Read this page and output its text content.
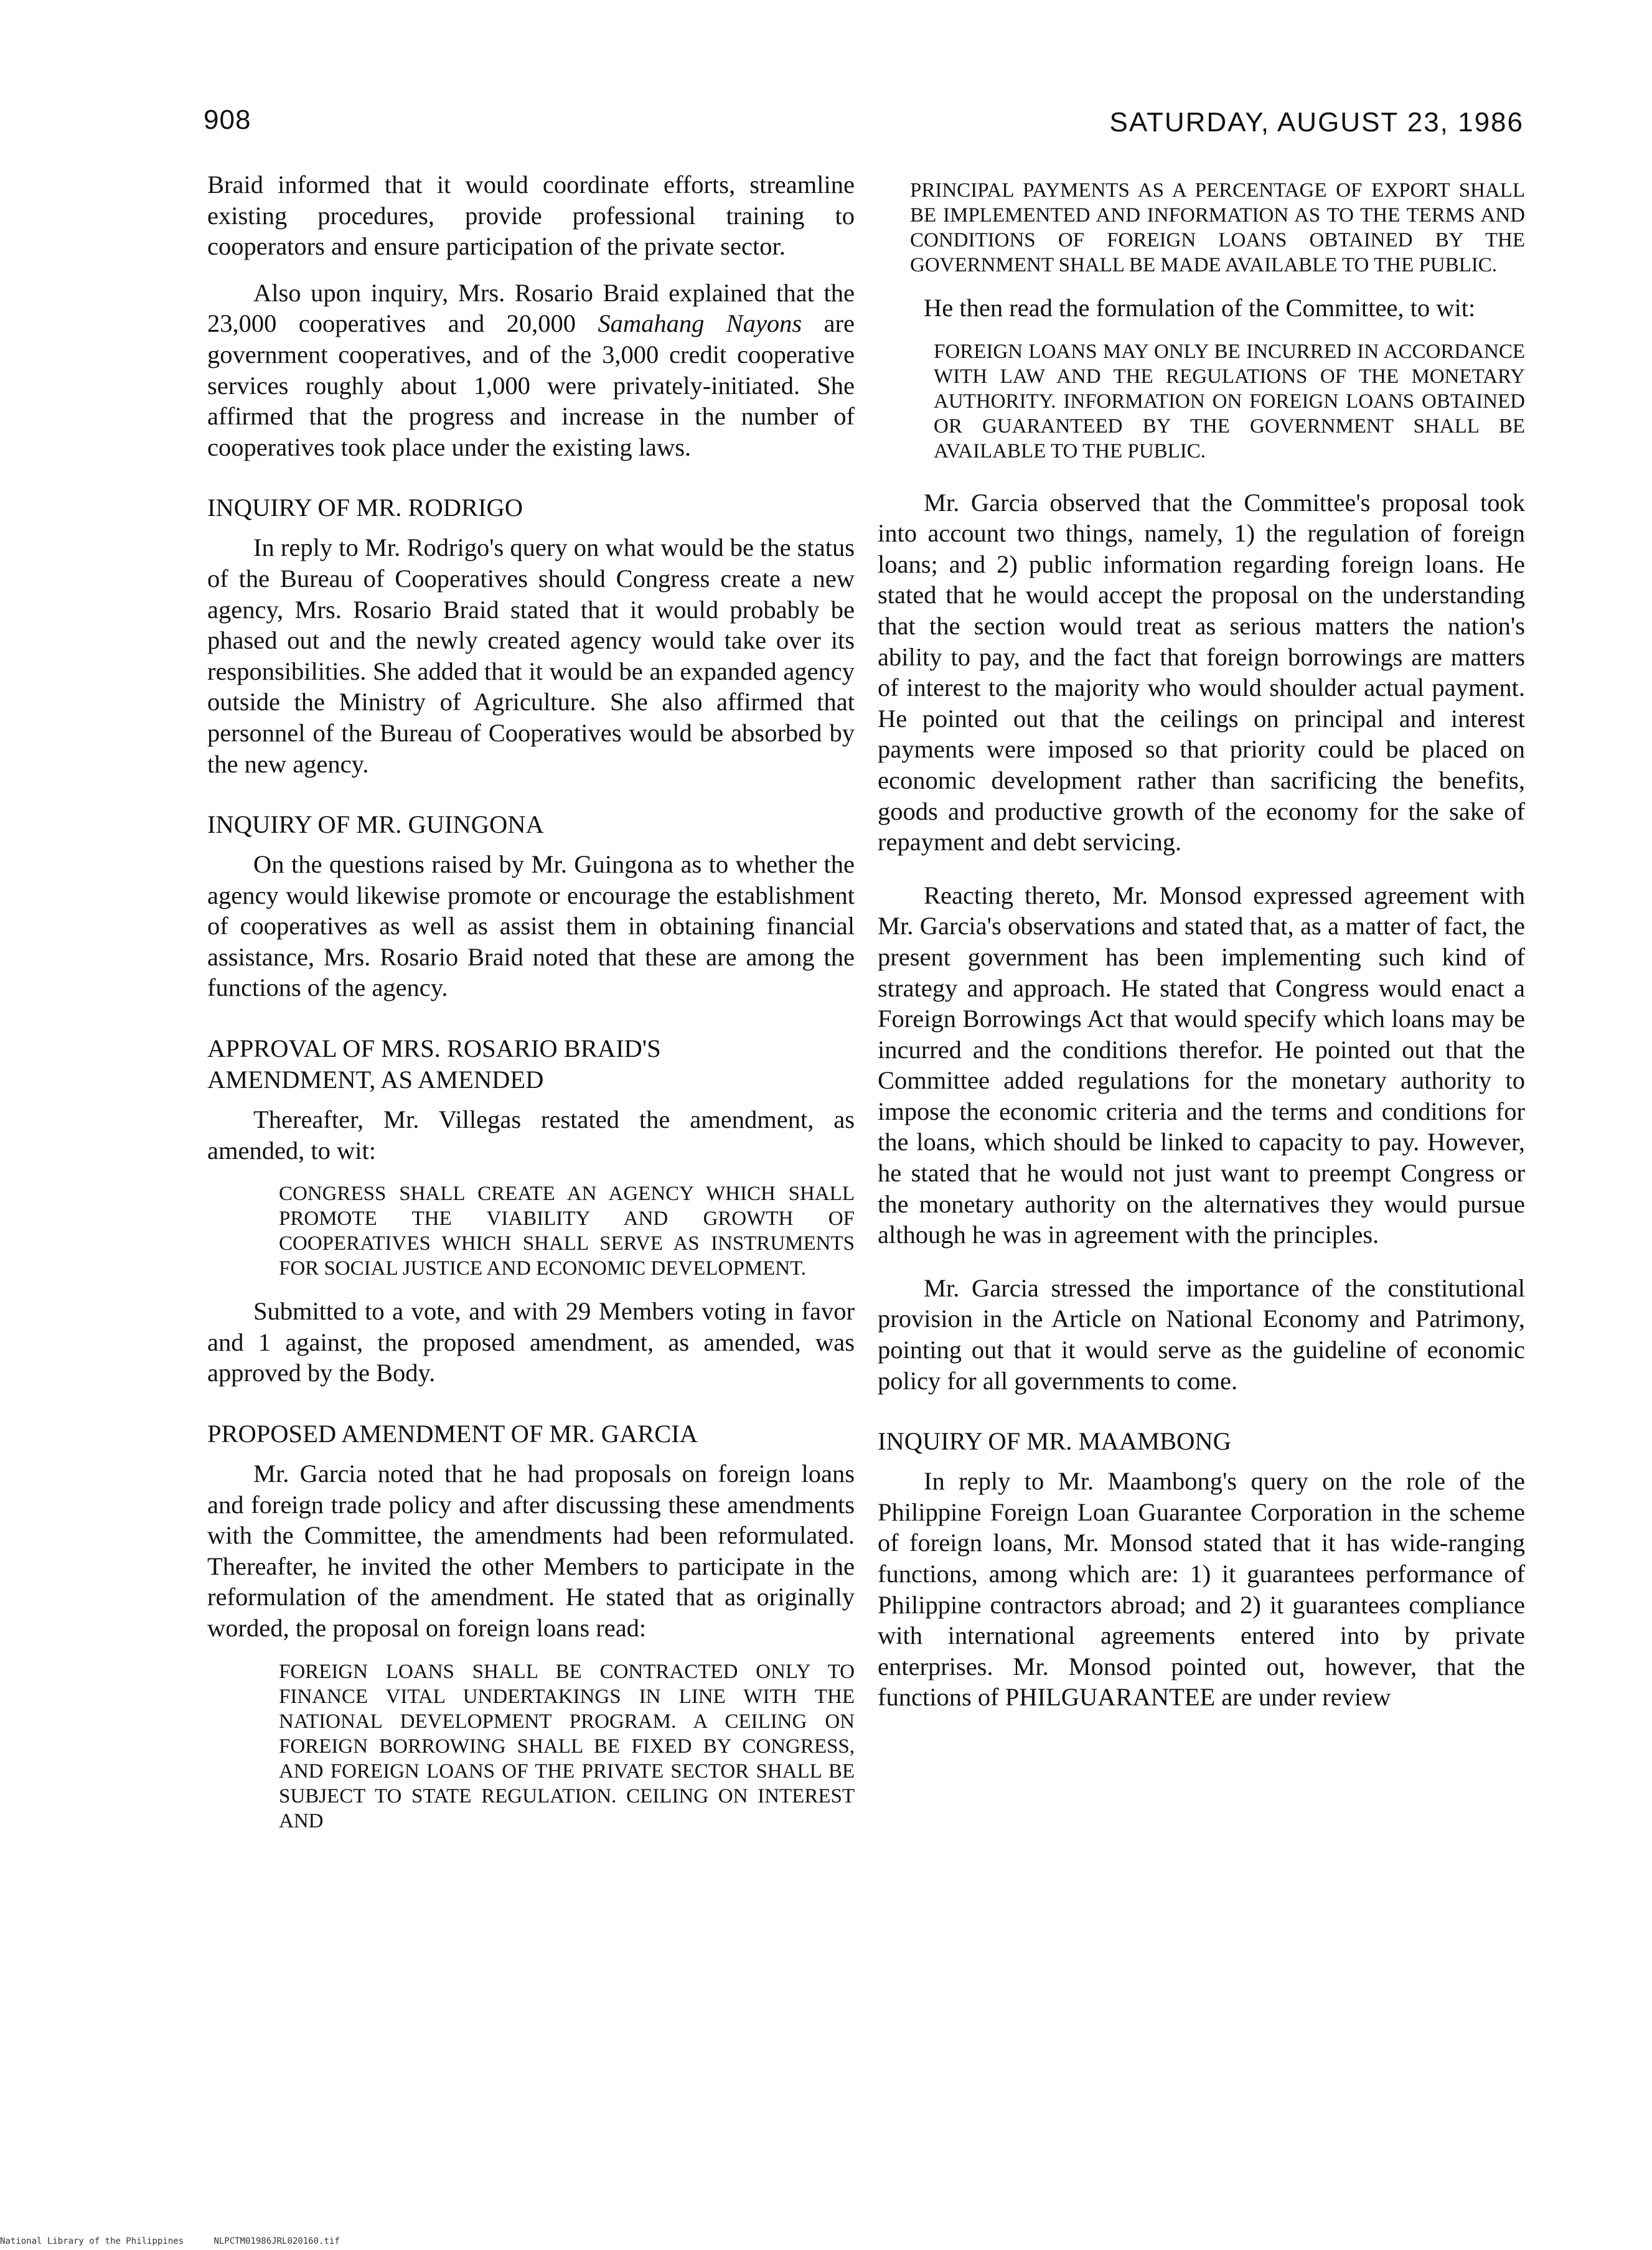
908	SATURDAY, AUGUST 23, 1986

Braid informed that it would coordinate efforts, streamline existing procedures, provide professional training to cooperators and ensure participation of the private sector.

Also upon inquiry, Mrs. Rosario Braid explained that the 23,000 cooperatives and 20,000 Samahang Nayons are government cooperatives, and of the 3,000 credit cooperative services roughly about 1,000 were privately-initiated. She affirmed that the progress and increase in the number of cooperatives took place under the existing laws.

INQUIRY OF MR. RODRIGO

In reply to Mr. Rodrigo's query on what would be the status of the Bureau of Cooperatives should Congress create a new agency, Mrs. Rosario Braid stated that it would probably be phased out and the newly created agency would take over its responsibilities. She added that it would be an expanded agency outside the Ministry of Agriculture. She also affirmed that personnel of the Bureau of Cooperatives would be absorbed by the new agency.

INQUIRY OF MR. GUINGONA

On the questions raised by Mr. Guingona as to whether the agency would likewise promote or encourage the establishment of cooperatives as well as assist them in obtaining financial assistance, Mrs. Rosario Braid noted that these are among the functions of the agency.

APPROVAL OF MRS. ROSARIO BRAID'S AMENDMENT, AS AMENDED

Thereafter, Mr. Villegas restated the amendment, as amended, to wit:

CONGRESS SHALL CREATE AN AGENCY WHICH SHALL PROMOTE THE VIABILITY AND GROWTH OF COOPERATIVES WHICH SHALL SERVE AS INSTRUMENTS FOR SOCIAL JUSTICE AND ECONOMIC DEVELOPMENT.

Submitted to a vote, and with 29 Members voting in favor and 1 against, the proposed amendment, as amended, was approved by the Body.

PROPOSED AMENDMENT OF MR. GARCIA

Mr. Garcia noted that he had proposals on foreign loans and foreign trade policy and after discussing these amendments with the Committee, the amendments had been reformulated. Thereafter, he invited the other Members to participate in the reformulation of the amendment. He stated that as originally worded, the proposal on foreign loans read:

FOREIGN LOANS SHALL BE CONTRACTED ONLY TO FINANCE VITAL UNDERTAKINGS IN LINE WITH THE NATIONAL DEVELOPMENT PROGRAM. A CEILING ON FOREIGN BORROWING SHALL BE FIXED BY CONGRESS, AND FOREIGN LOANS OF THE PRIVATE SECTOR SHALL BE SUBJECT TO STATE REGULATION. CEILING ON INTEREST AND
PRINCIPAL PAYMENTS AS A PERCENTAGE OF EXPORT SHALL BE IMPLEMENTED AND INFORMATION AS TO THE TERMS AND CONDITIONS OF FOREIGN LOANS OBTAINED BY THE GOVERNMENT SHALL BE MADE AVAILABLE TO THE PUBLIC.

He then read the formulation of the Committee, to wit:

FOREIGN LOANS MAY ONLY BE INCURRED IN ACCORDANCE WITH LAW AND THE REGULATIONS OF THE MONETARY AUTHORITY. INFORMATION ON FOREIGN LOANS OBTAINED OR GUARANTEED BY THE GOVERNMENT SHALL BE AVAILABLE TO THE PUBLIC.

Mr. Garcia observed that the Committee's proposal took into account two things, namely, 1) the regulation of foreign loans; and 2) public information regarding foreign loans. He stated that he would accept the proposal on the understanding that the section would treat as serious matters the nation's ability to pay, and the fact that foreign borrowings are matters of interest to the majority who would shoulder actual payment. He pointed out that the ceilings on principal and interest payments were imposed so that priority could be placed on economic development rather than sacrificing the benefits, goods and productive growth of the economy for the sake of repayment and debt servicing.

Reacting thereto, Mr. Monsod expressed agreement with Mr. Garcia's observations and stated that, as a matter of fact, the present government has been implementing such kind of strategy and approach. He stated that Congress would enact a Foreign Borrowings Act that would specify which loans may be incurred and the conditions therefor. He pointed out that the Committee added regulations for the monetary authority to impose the economic criteria and the terms and conditions for the loans, which should be linked to capacity to pay. However, he stated that he would not just want to preempt Congress or the monetary authority on the alternatives they would pursue although he was in agreement with the principles.

Mr. Garcia stressed the importance of the constitutional provision in the Article on National Economy and Patrimony, pointing out that it would serve as the guideline of economic policy for all governments to come.

INQUIRY OF MR. MAAMBONG

In reply to Mr. Maambong's query on the role of the Philippine Foreign Loan Guarantee Corporation in the scheme of foreign loans, Mr. Monsod stated that it has wide-ranging functions, among which are: 1) it guarantees performance of Philippine contractors abroad; and 2) it guarantees compliance with international agreements entered into by private enterprises. Mr. Monsod pointed out, however, that the functions of PHILGUARANTEE are under review

National Library of the Philippines	NLPCTM01986JRL020160.tif
